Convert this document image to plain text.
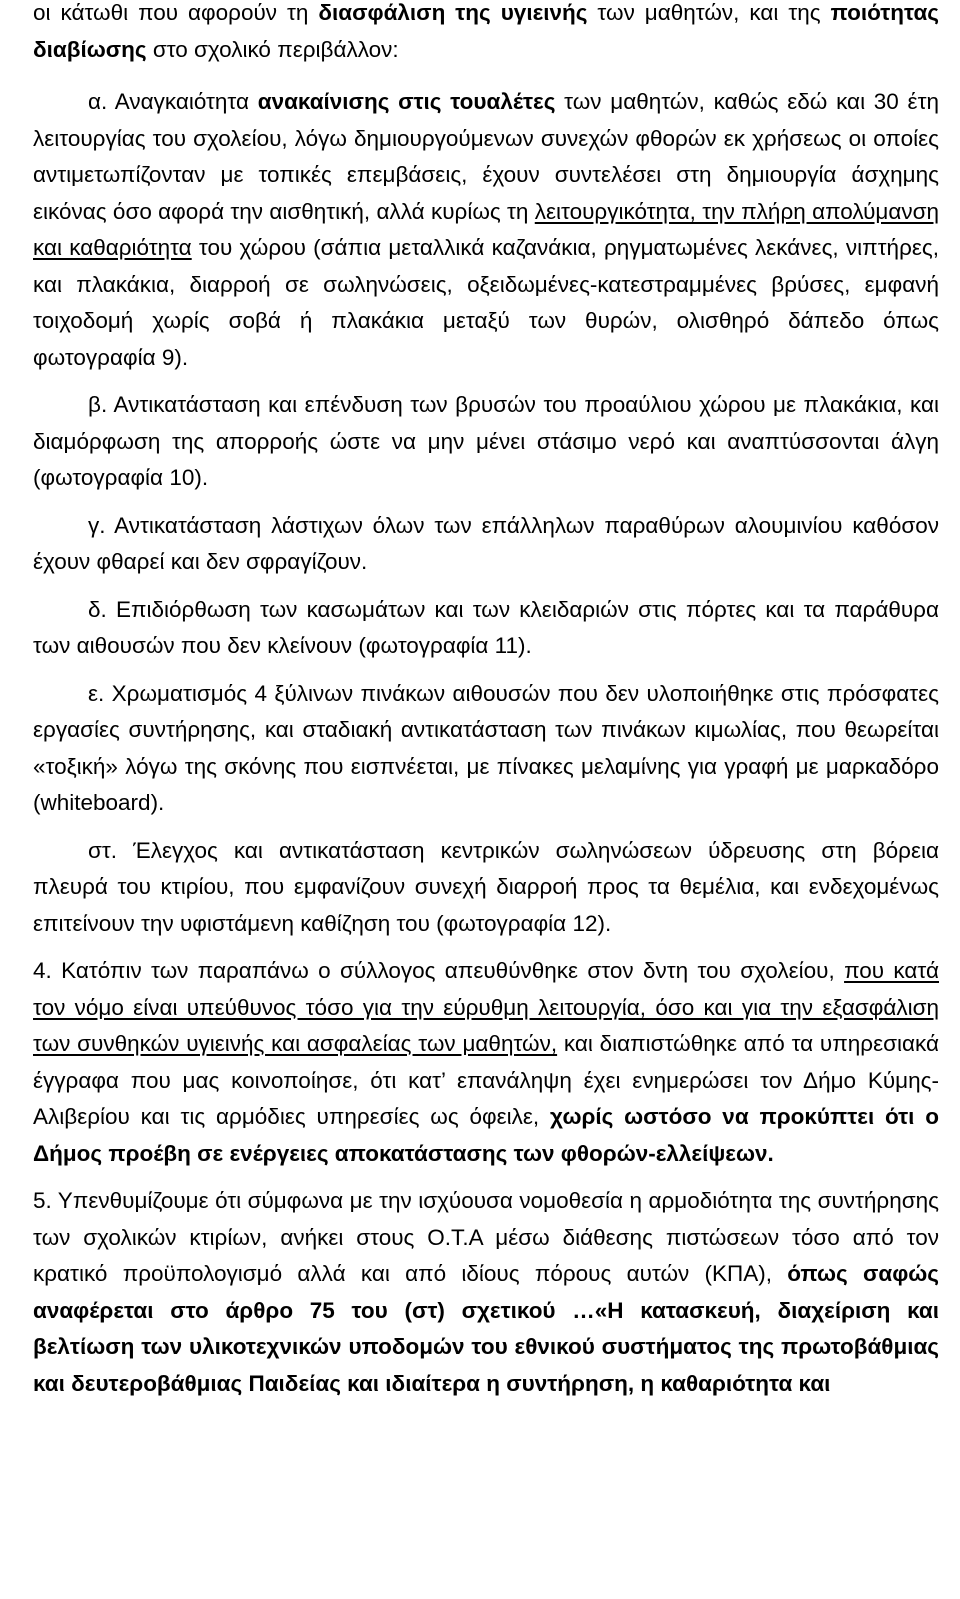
οι κάτωθι που αφορούν τη διασφάλιση της υγιεινής των μαθητών, και της ποιότητας διαβίωσης στο σχολικό περιβάλλον:

α. Αναγκαιότητα ανακαίνισης στις τουαλέτες των μαθητών, καθώς εδώ και 30 έτη λειτουργίας του σχολείου, λόγω δημιουργούμενων συνεχών φθορών εκ χρήσεως οι οποίες αντιμετωπίζονταν με τοπικές επεμβάσεις, έχουν συντελέσει στη δημιουργία άσχημης εικόνας όσο αφορά την αισθητική, αλλά κυρίως τη λειτουργικότητα, την πλήρη απολύμανση και καθαριότητα του χώρου (σάπια μεταλλικά καζανάκια, ρηγματωμένες λεκάνες, νιπτήρες, και πλακάκια, διαρροή σε σωληνώσεις, οξειδωμένες-κατεστραμμένες βρύσες, εμφανή τοιχοδομή χωρίς σοβά ή πλακάκια μεταξύ των θυρών, ολισθηρό δάπεδο όπως φωτογραφία 9).

β. Αντικατάσταση και επένδυση των βρυσών του προαύλιου χώρου με πλακάκια, και διαμόρφωση της απορροής ώστε να μην μένει στάσιμο νερό και αναπτύσσονται άλγη (φωτογραφία 10).

γ. Αντικατάσταση λάστιχων όλων των επάλληλων παραθύρων αλουμινίου καθόσον έχουν φθαρεί και δεν σφραγίζουν.

δ. Επιδιόρθωση των κασωμάτων και των κλειδαριών στις πόρτες και τα παράθυρα των αιθουσών που δεν κλείνουν (φωτογραφία 11).

ε. Χρωματισμός 4 ξύλινων πινάκων αιθουσών που δεν υλοποιήθηκε στις πρόσφατες εργασίες συντήρησης, και σταδιακή αντικατάσταση των πινάκων κιμωλίας, που θεωρείται «τοξική» λόγω της σκόνης που εισπνέεται, με πίνακες μελαμίνης για γραφή με μαρκαδόρο (whiteboard).

στ. Έλεγχος και αντικατάσταση κεντρικών σωληνώσεων ύδρευσης στη βόρεια πλευρά του κτιρίου, που εμφανίζουν συνεχή διαρροή προς τα θεμέλια, και ενδεχομένως επιτείνουν την υφιστάμενη καθίζηση του (φωτογραφία 12).

4. Κατόπιν των παραπάνω ο σύλλογος απευθύνθηκε στον δντη του σχολείου, που κατά τον νόμο είναι υπεύθυνος τόσο για την εύρυθμη λειτουργία, όσο και για την εξασφάλιση των συνθηκών υγιεινής και ασφαλείας των μαθητών, και διαπιστώθηκε από τα υπηρεσιακά έγγραφα που μας κοινοποίησε, ότι κατ’ επανάληψη έχει ενημερώσει τον Δήμο Κύμης- Αλιβερίου και τις αρμόδιες υπηρεσίες ως όφειλε, χωρίς ωστόσο να προκύπτει ότι ο Δήμος προέβη σε ενέργειες αποκατάστασης των φθορών-ελλείψεων.

5. Υπενθυμίζουμε ότι σύμφωνα με την ισχύουσα νομοθεσία η αρμοδιότητα της συντήρησης των σχολικών κτιρίων, ανήκει στους Ο.Τ.Α μέσω διάθεσης πιστώσεων τόσο από τον κρατικό προϋπολογισμό αλλά και από ιδίους πόρους αυτών (ΚΠΑ), όπως σαφώς αναφέρεται στο άρθρο 75 του (στ) σχετικού …«Η κατασκευή, διαχείριση και βελτίωση των υλικοτεχνικών υποδομών του εθνικού συστήματος της πρωτοβάθμιας και δευτεροβάθμιας Παιδείας και ιδιαίτερα η συντήρηση, η καθαριότητα και
